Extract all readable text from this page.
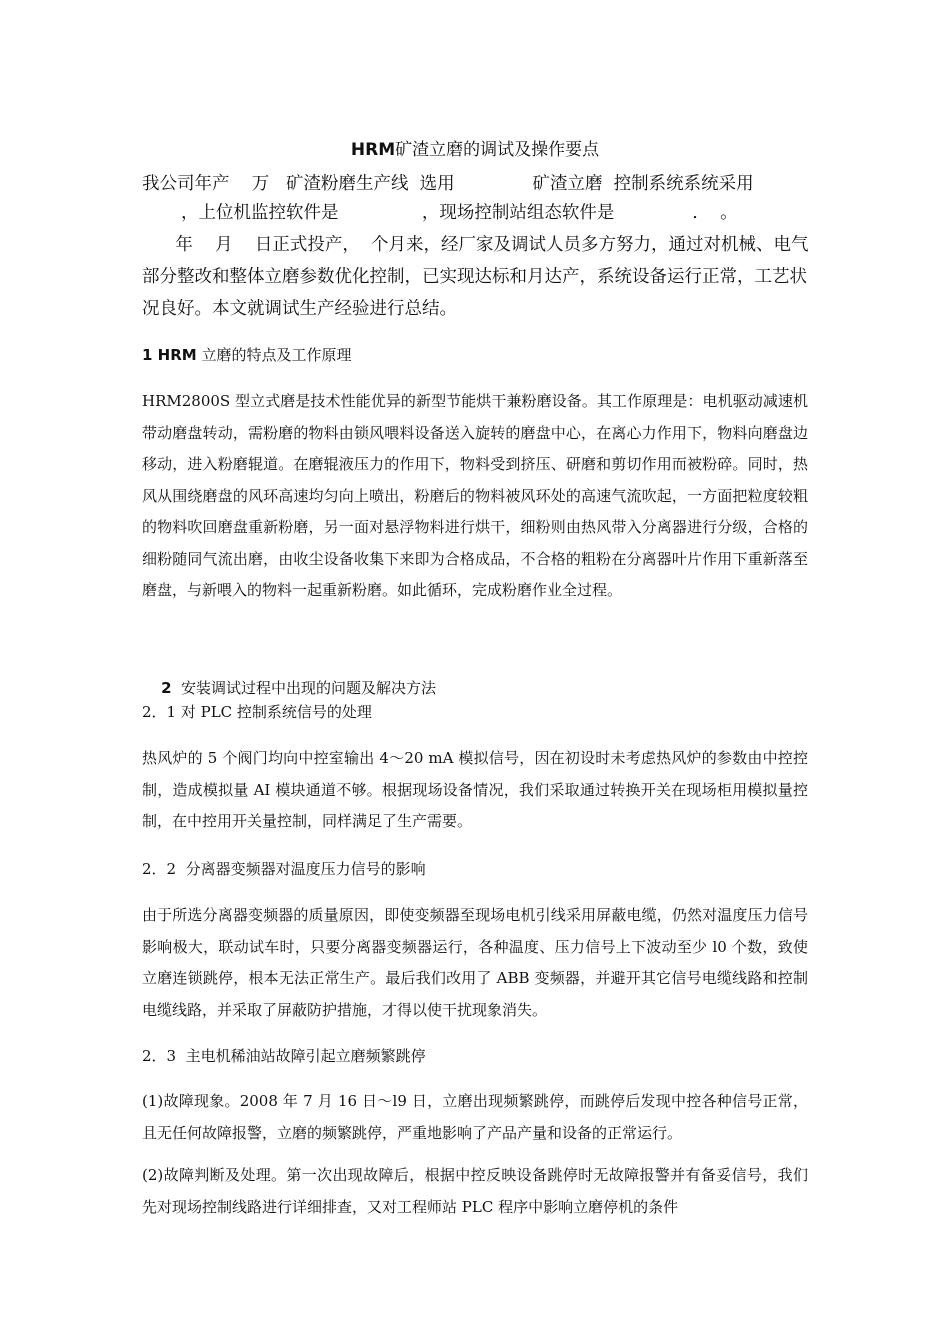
HRM矿渣立磨的调试及操作要点
我公司年产    万   矿渣粉磨生产线  选用              矿渣立磨  控制系统系统采用
，上位机监控软件是               ，现场控制站组态软件是              .    。

年    月    日正式投产，  个月来，经厂家及调试人员多方努力，通过对机械、电气部分整改和整体立磨参数优化控制，已实现达标和月达产，系统设备运行正常，工艺状况良好。本文就调试生产经验进行总结。

1 HRM 立磨的特点及工作原理

HRM2800S 型立式磨是技术性能优异的新型节能烘干兼粉磨设备。其工作原理是：电机驱动减速机带动磨盘转动，需粉磨的物料由锁风喂料设备送入旋转的磨盘中心，在离心力作用下，物料向磨盘边移动，进入粉磨辊道。在磨辊液压力的作用下，物料受到挤压、研磨和剪切作用而被粉碎。同时，热风从围绕磨盘的风环高速均匀向上喷出，粉磨后的物料被风环处的高速气流吹起，一方面把粒度较粗的物料吹回磨盘重新粉磨，另一面对悬浮物料进行烘干，细粉则由热风带入分离器进行分级，合格的细粉随同气流出磨，由收尘设备收集下来即为合格成品，不合格的粗粉在分离器叶片作用下重新落至磨盘，与新喂入的物料一起重新粉磨。如此循环，完成粉磨作业全过程。

2  安装调试过程中出现的问题及解决方法

2．1 对 PLC 控制系统信号的处理

热风炉的 5 个阀门均向中控室输出 4～20 mA 模拟信号，因在初设时未考虑热风炉的参数由中控控制，造成模拟量 AI 模块通道不够。根据现场设备情况，我们采取通过转换开关在现场柜用模拟量控制，在中控用开关量控制，同样满足了生产需要。

2．2  分离器变频器对温度压力信号的影响

由于所选分离器变频器的质量原因，即使变频器至现场电机引线采用屏蔽电缆，仍然对温度压力信号影响极大，联动试车时，只要分离器变频器运行，各种温度、压力信号上下波动至少 l0 个数，致使立磨连锁跳停，根本无法正常生产。最后我们改用了 ABB 变频器，并避开其它信号电缆线路和控制电缆线路，并采取了屏蔽防护措施，才得以使干扰现象消失。

2．3  主电机稀油站故障引起立磨频繁跳停

(1)故障现象。2008 年 7 月 16 日～l9 日，立磨出现频繁跳停，而跳停后发现中控各种信号正常，且无任何故障报警，立磨的频繁跳停，严重地影响了产品产量和设备的正常运行。

(2)故障判断及处理。第一次出现故障后，根据中控反映设备跳停时无故障报警并有备妥信号，我们先对现场控制线路进行详细排查，又对工程师站 PLC 程序中影响立磨停机的条件
